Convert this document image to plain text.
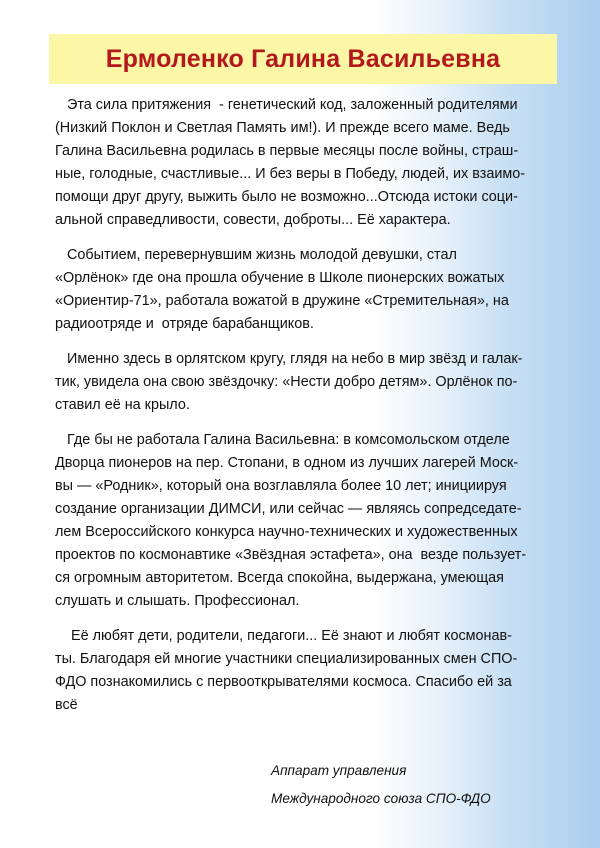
Ермоленко Галина Васильевна

Эта сила притяжения  - генетический код, заложенный родителями
(Низкий Поклон и Светлая Память им!). И прежде всего маме. Ведь
Галина Васильевна родилась в первые месяцы после войны, страш-
ные, голодные, счастливые... И без веры в Победу, людей, их взаимо-
помощи друг другу, выжить было не возможно...Отсюда истоки соци-
альной справедливости, совести, доброты... Её характера.

Событием, перевернувшим жизнь молодой девушки, стал
«Орлёнок» где она прошла обучение в Школе пионерских вожатых
«Ориентир-71», работала вожатой в дружине «Стремительная», на
радиоотряде и  отряде барабанщиков.

Именно здесь в орлятском кругу, глядя на небо в мир звёзд и галак-
тик, увидела она свою звёздочку: «Нести добро детям». Орлёнок по-
ставил её на крыло.

Где бы не работала Галина Васильевна: в комсомольском отделе
Дворца пионеров на пер. Стопани, в одном из лучших лагерей Моск-
вы — «Родник», который она возглавляла более 10 лет; инициируя
создание организации ДИМСИ, или сейчас — являясь сопредседате-
лем Всероссийского конкурса научно-технических и художественных
проектов по космонавтике «Звёздная эстафета», она  везде пользует-
ся огромным авторитетом. Всегда спокойна, выдержана, умеющая
слушать и слышать. Профессионал.

Её любят дети, родители, педагоги... Её знают и любят космонав-
ты. Благодаря ей многие участники специализированных смен СПО-
ФДО познакомились с первооткрывателями космоса. Спасибо ей за
всё

Аппарат управления
Международного союза СПО-ФДО
